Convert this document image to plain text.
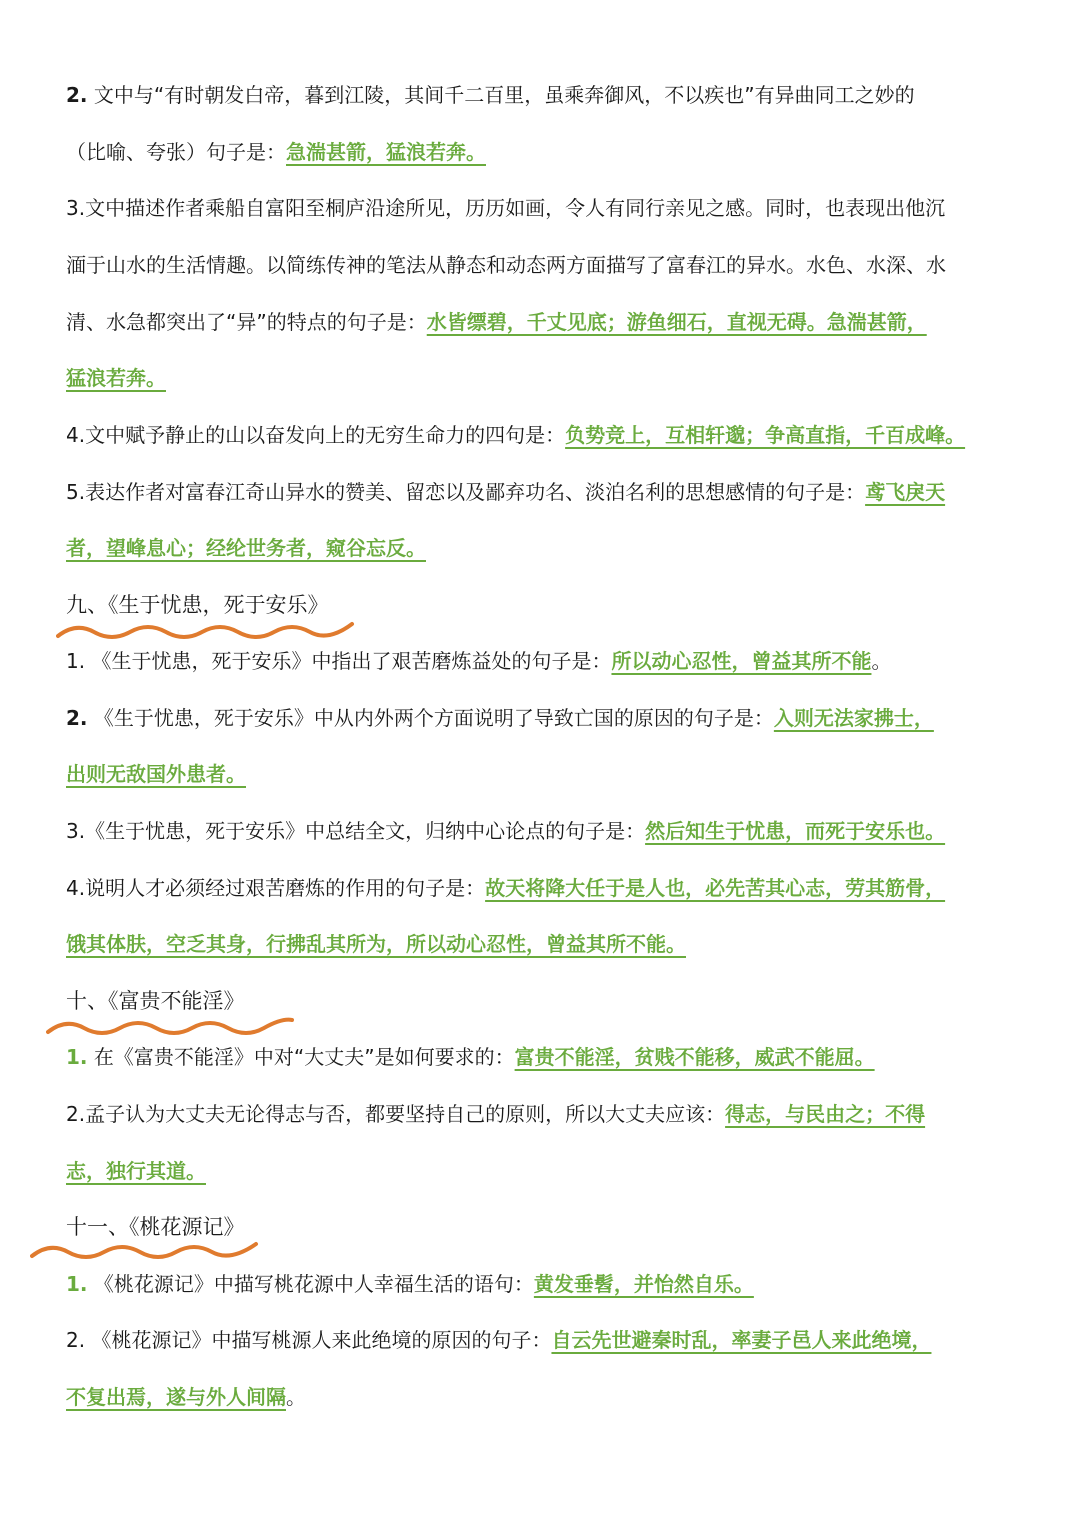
2. 文中与“有时朝发白帝，暮到江陵，其间千二百里，虽乘奔御风，不以疾也”有异曲同工之妙的
（比喻、夸张）句子是：急湍甚箭，猛浪若奔。
3.文中描述作者乘船自富阳至桐庐沿途所见，历历如画，令人有同行亲见之感。同时，也表现出他沉
湎于山水的生活情趣。以简练传神的笔法从静态和动态两方面描写了富春江的异水。水色、水深、水
清、水急都突出了“异”的特点的句子是：水皆缥碧，千丈见底；游鱼细石，直视无碍。急湍甚箭，
猛浪若奔。
4.文中赋予静止的山以奋发向上的无穷生命力的四句是：负势竞上，互相轩邈；争高直指，千百成峰。
5.表达作者对富春江奇山异水的赞美、留恋以及鄙弃功名、淡泊名利的思想感情的句子是：鸢飞戾天
者，望峰息心；经纶世务者，窥谷忘反。
九、《生于忧患，死于安乐》
1. 《生于忧患，死于安乐》中指出了艰苦磨炼益处的句子是：所以动心忍性，曾益其所不能。
2. 《生于忧患，死于安乐》中从内外两个方面说明了导致亡国的原因的句子是：入则无法家拂士，
出则无敌国外患者。
3.《生于忧患，死于安乐》中总结全文，归纳中心论点的句子是：然后知生于忧患，而死于安乐也。
4.说明人才必须经过艰苦磨炼的作用的句子是：故天将降大任于是人也，必先苦其心志，劳其筋骨，
饿其体肤，空乏其身，行拂乱其所为，所以动心忍性，曾益其所不能。
十、《富贵不能淫》
1. 在《富贵不能淫》中对“大丈夫”是如何要求的：富贵不能淫，贫贱不能移，威武不能屈。
2.孟子认为大丈夫无论得志与否，都要坚持自己的原则，所以大丈夫应该：得志，与民由之；不得
志，独行其道。
十一、《桃花源记》
1. 《桃花源记》中描写桃花源中人幸福生活的语句：黄发垂髫，并怡然自乐。
2. 《桃花源记》中描写桃源人来此绝境的原因的句子：自云先世避秦时乱，率妻子邑人来此绝境，
不复出焉，遂与外人间隔。
